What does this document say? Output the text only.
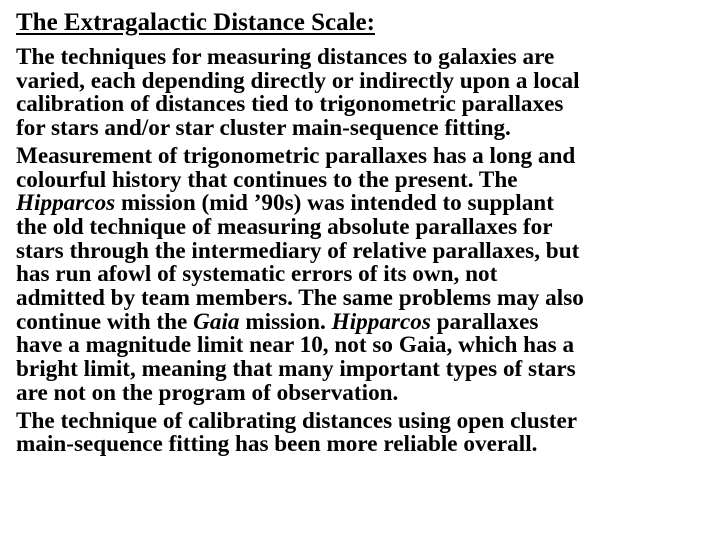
The Extragalactic Distance Scale:
The techniques for measuring distances to galaxies are
varied, each depending directly or indirectly upon a local
calibration of distances tied to trigonometric parallaxes
for stars and/or star cluster main-sequence fitting.
Measurement of trigonometric parallaxes has a long and
colourful history that continues to the present. The
Hipparcos mission (mid ’90s) was intended to supplant
the old technique of measuring absolute parallaxes for
stars through the intermediary of relative parallaxes, but
has run afowl of systematic errors of its own, not
admitted by team members. The same problems may also
continue with the Gaia mission. Hipparcos parallaxes
have a magnitude limit near 10, not so Gaia, which has a
bright limit, meaning that many important types of stars
are not on the program of observation.
The technique of calibrating distances using open cluster
main-sequence fitting has been more reliable overall.
